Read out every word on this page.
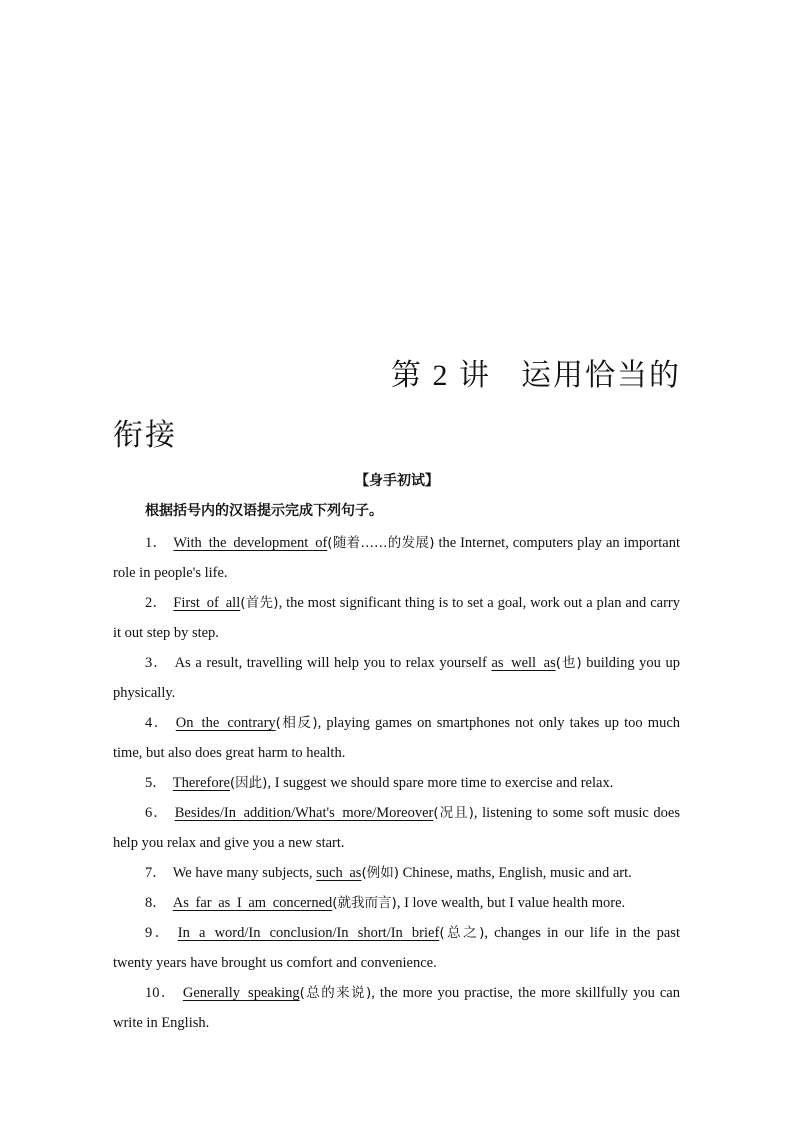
第 2 讲 运用恰当的
衔接
【身手初试】
根据括号内的汉语提示完成下列句子。

1． With the development of(随着……的发展) the Internet, computers play an important role in people's life.

2． First of all(首先), the most significant thing is to set a goal, work out a plan and carry it out step by step.

3． As a result, travelling will help you to relax yourself as well as(也) building you up physically.

4． On the contrary(相反), playing games on smartphones not only takes up too much time, but also does great harm to health.

5． Therefore(因此), I suggest we should spare more time to exercise and relax.

6． Besides/In addition/What's more/Moreover(况且), listening to some soft music does help you relax and give you a new start.

7． We have many subjects, such as(例如) Chinese, maths, English, music and art.

8． As far as I am concerned(就我而言), I love wealth, but I value health more.

9． In a word/In conclusion/In short/In brief(总之), changes in our life in the past twenty years have brought us comfort and convenience.

10． Generally speaking(总的来说), the more you practise, the more skillfully you can write in English.
